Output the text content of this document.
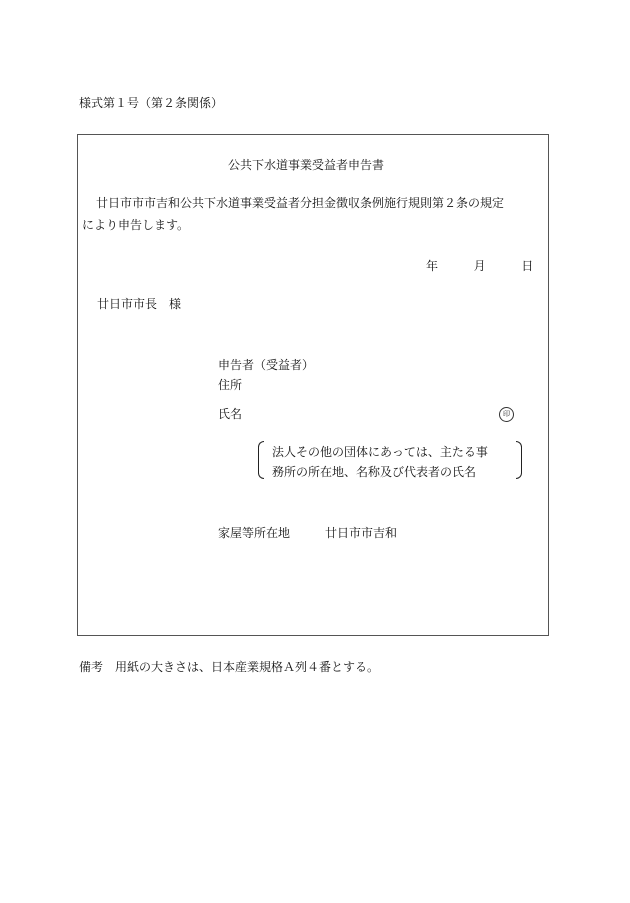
様式第１号（第２条関係）
公共下水道事業受益者申告書
廿日市市市吉和公共下水道事業受益者分担金徴収条例施行規則第２条の規定
により申告します。
年	月	日
廿日市市長　様
申告者（受益者）
住所
氏名	印
法人その他の団体にあっては、主たる事
務所の所在地、名称及び代表者の氏名
家屋等所在地	廿日市市吉和
備考　用紙の大きさは、日本産業規格Ａ列４番とする。
